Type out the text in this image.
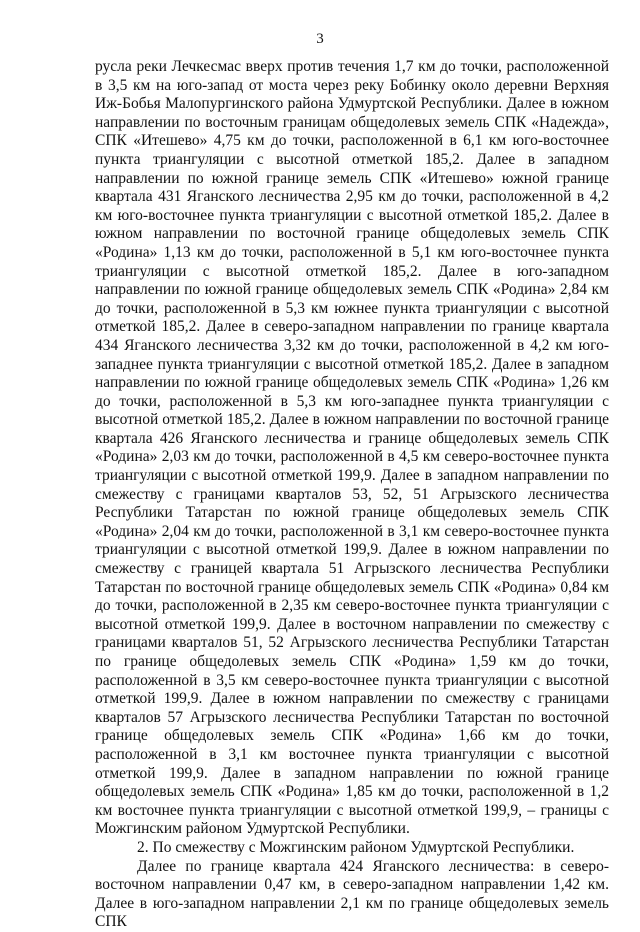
3

русла реки Лечкесмас вверх против течения 1,7 км до точки, расположенной в 3,5 км на юго-запад от моста через реку Бобинку около деревни Верхняя Иж-Бобья Малопургинского района Удмуртской Республики. Далее в южном направлении по восточным границам общедолевых земель СПК «Надежда», СПК «Итешево» 4,75 км до точки, расположенной в 6,1 км юго-восточнее пункта триангуляции с высотной отметкой 185,2. Далее в западном направлении по южной границе земель СПК «Итешево» южной границе квартала 431 Яганского лесничества 2,95 км до точки, расположенной в 4,2 км юго-восточнее пункта триангуляции с высотной отметкой 185,2. Далее в южном направлении по восточной границе общедолевых земель СПК «Родина» 1,13 км до точки, расположенной в 5,1 км юго-восточнее пункта триангуляции с высотной отметкой 185,2. Далее в юго-западном направлении по южной границе общедолевых земель СПК «Родина» 2,84 км до точки, расположенной в 5,3 км южнее пункта триангуляции с высотной отметкой 185,2. Далее в северо-западном направлении по границе квартала 434 Яганского лесничества 3,32 км до точки, расположенной в 4,2 км юго-западнее пункта триангуляции с высотной отметкой 185,2. Далее в западном направлении по южной границе общедолевых земель СПК «Родина» 1,26 км до точки, расположенной в 5,3 км юго-западнее пункта триангуляции с высотной отметкой 185,2. Далее в южном направлении по восточной границе квартала 426 Яганского лесничества и границе общедолевых земель СПК «Родина» 2,03 км до точки, расположенной в 4,5 км северо-восточнее пункта триангуляции с высотной отметкой 199,9. Далее в западном направлении по смежеству с границами кварталов 53, 52, 51 Агрызского лесничества Республики Татарстан по южной границе общедолевых земель СПК «Родина» 2,04 км до точки, расположенной в 3,1 км северо-восточнее пункта триангуляции с высотной отметкой 199,9. Далее в южном направлении по смежеству с границей квартала 51 Агрызского лесничества Республики Татарстан по восточной границе общедолевых земель СПК «Родина» 0,84 км до точки, расположенной в 2,35 км северо-восточнее пункта триангуляции с высотной отметкой 199,9. Далее в восточном направлении по смежеству с границами кварталов 51, 52 Агрызского лесничества Республики Татарстан по границе общедолевых земель СПК «Родина» 1,59 км до точки, расположенной в 3,5 км северо-восточнее пункта триангуляции с высотной отметкой 199,9. Далее в южном направлении по смежеству с границами кварталов 57 Агрызского лесничества Республики Татарстан по восточной границе общедолевых земель СПК «Родина» 1,66 км до точки, расположенной в 3,1 км восточнее пункта триангуляции с высотной отметкой 199,9. Далее в западном направлении по южной границе общедолевых земель СПК «Родина» 1,85 км до точки, расположенной в 1,2 км восточнее пункта триангуляции с высотной отметкой 199,9, – границы с Можгинским районом Удмуртской Республики.

2. По смежеству с Можгинским районом Удмуртской Республики.

Далее по границе квартала 424 Яганского лесничества: в северо-восточном направлении 0,47 км, в северо-западном направлении 1,42 км. Далее в юго-западном направлении 2,1 км по границе общедолевых земель СПК
